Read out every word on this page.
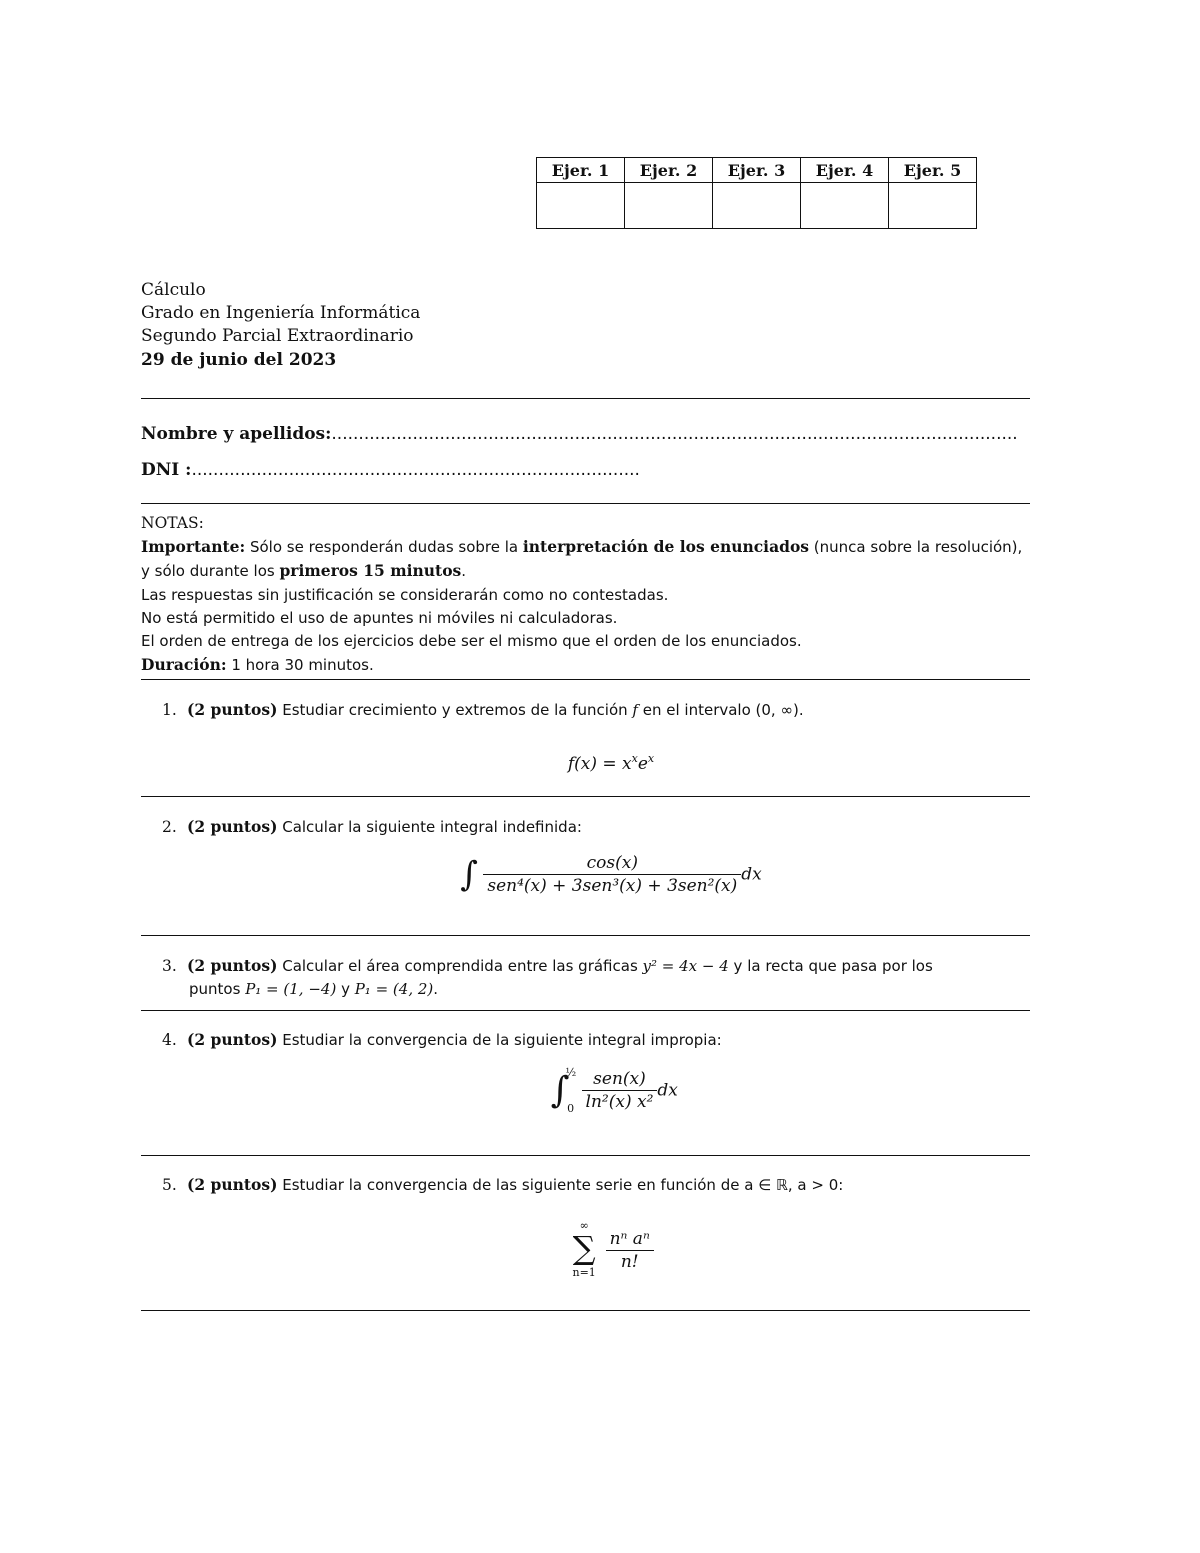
Ejer. 1	Ejer. 2	Ejer. 3	Ejer. 4	Ejer. 5

Cálculo
Grado en Ingeniería Informática
Segundo Parcial Extraordinario
29 de junio del 2023
Nombre y apellidos:...............................................................................................................................
DNI :...................................................................................
NOTAS:
Importante: Sólo se responderán dudas sobre la interpretación de los enunciados (nunca sobre la resolución), y sólo durante los primeros 15 minutos.
Las respuestas sin justificación se considerarán como no contestadas.
No está permitido el uso de apuntes ni móviles ni calculadoras.
El orden de entrega de los ejercicios debe ser el mismo que el orden de los enunciados.
Duración: 1 hora 30 minutos.
1. (2 puntos) Estudiar crecimiento y extremos de la función f en el intervalo (0, ∞).
$f(x) = x^xe^x$
2. (2 puntos) Calcular la siguiente integral indefinida:
∫ $\frac{\cos(x)}{\text{sen⁴(x) + 3sen³(x) + 3sen²(x)}}$ dx
3. (2 puntos) Calcular el área comprendida entre las gráficas y² = 4x − 4 y la recta que pasa por los
puntos P₁ = (1, −4) y P₁ = (4, 2).
4. (2 puntos) Estudiar la convergencia de la siguiente integral impropia:
∫
½
0
$\frac{\text{sen(x)}}{\text{ln²(x) x²}}$ dx
5. (2 puntos) Estudiar la convergencia de las siguiente serie en función de a ∈ ℝ, a > 0:
∞
∑
n=1
$\frac{\text{nⁿ aⁿ}}{n!}$
